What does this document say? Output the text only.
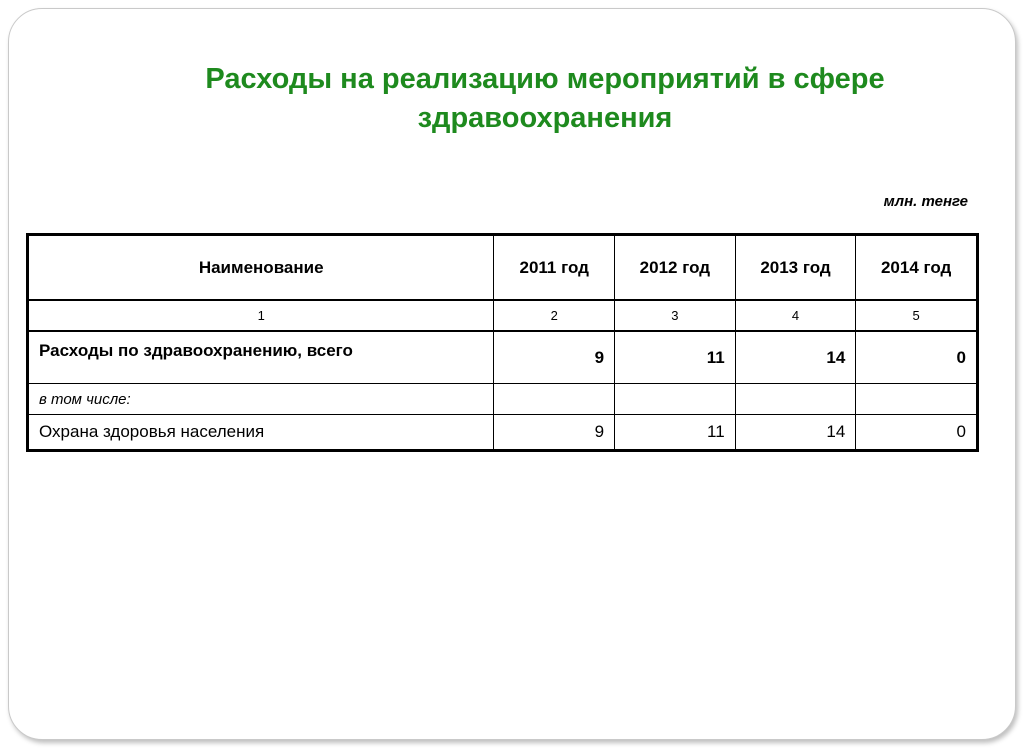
Расходы на реализацию мероприятий в сфере здравоохранения
млн. тенге
Наименование	2011 год	2012 год	2013 год	2014 год
1	2	3	4	5
Расходы по здравоохранению, всего	9	11	14	0
в том числе:				
Охрана здоровья населения	9	11	14	0
